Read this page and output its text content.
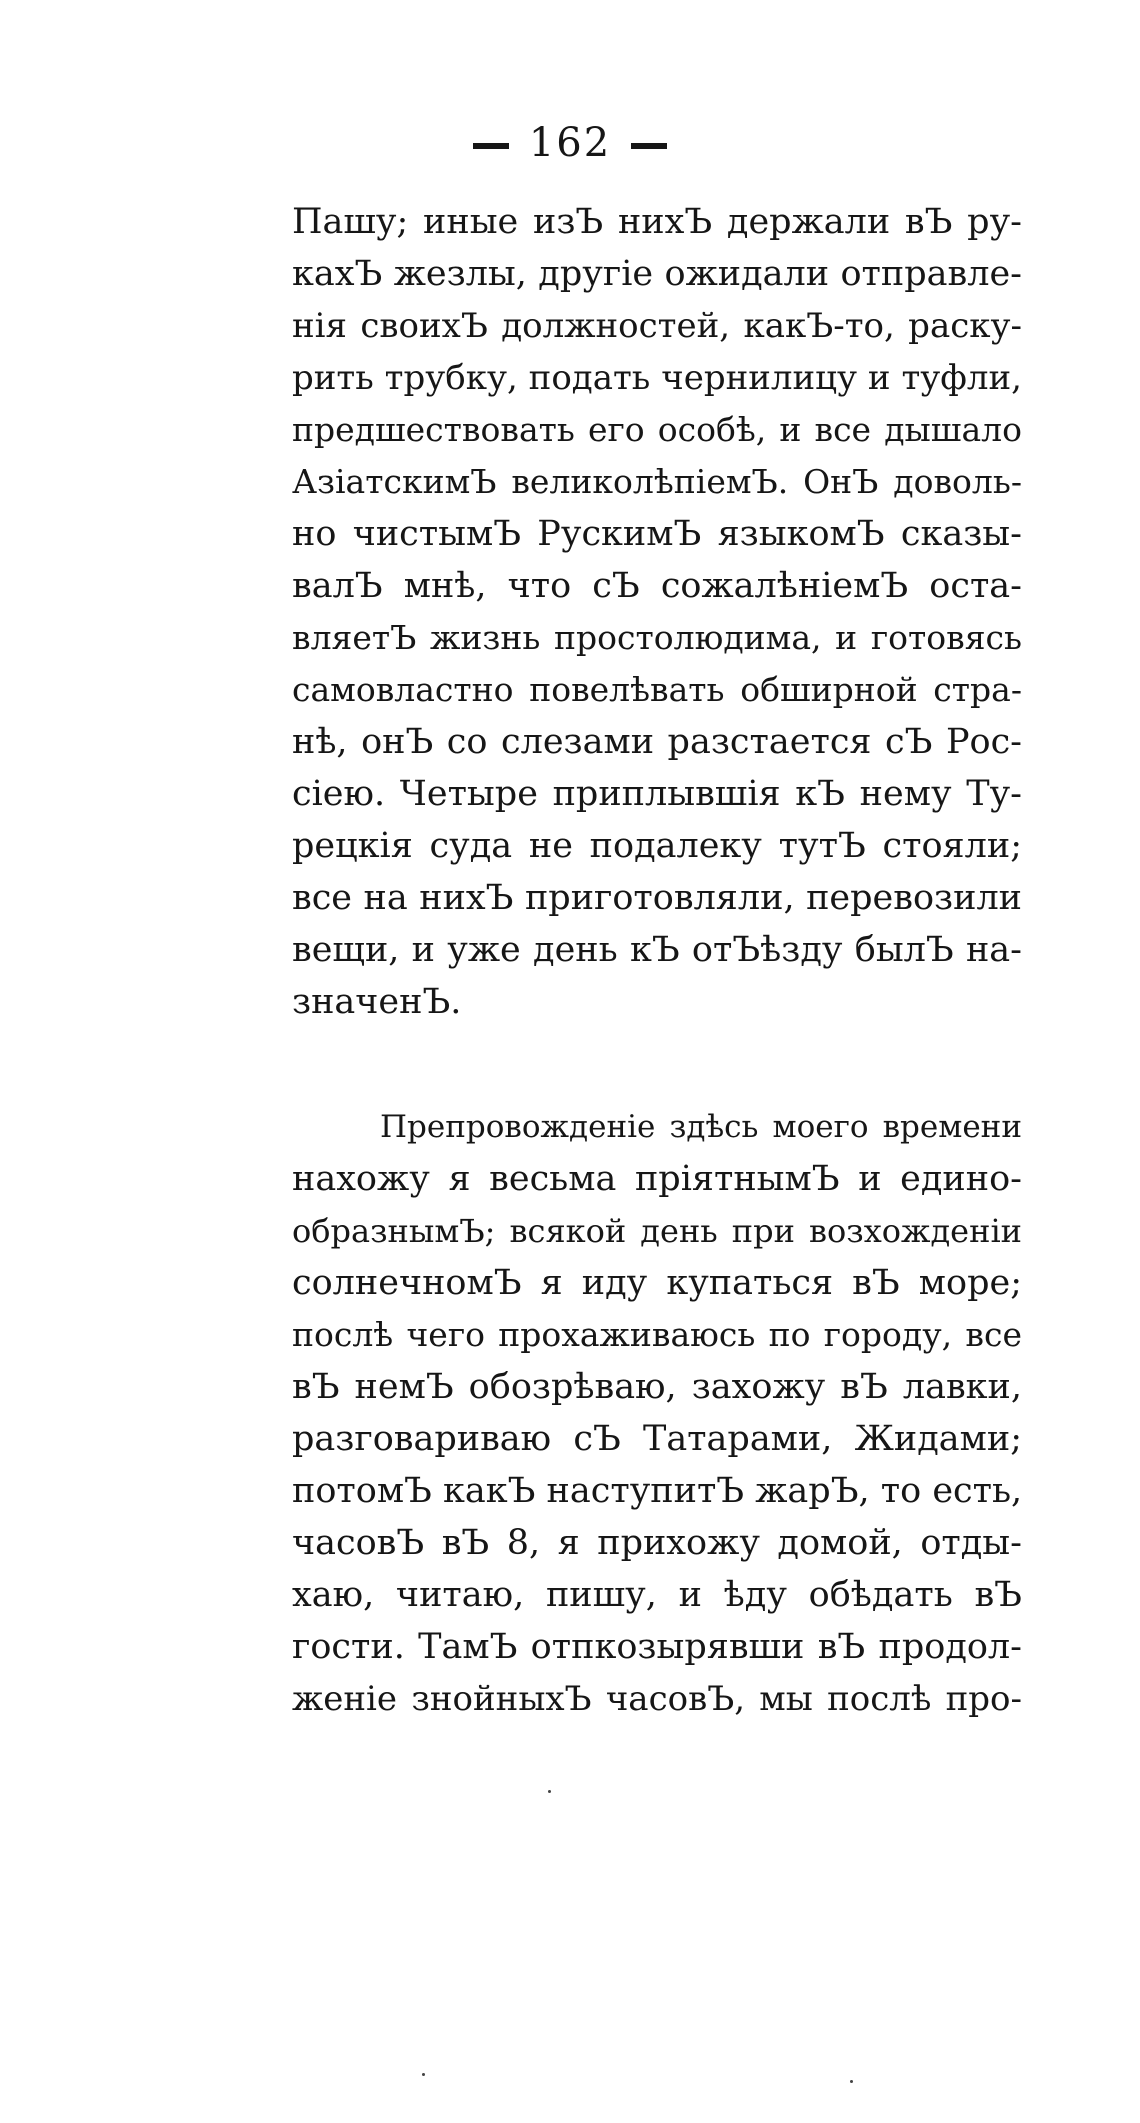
162
Пашу; иные изЪ нихЪ держали вЪ ру-
кахЪ жезлы, другiе ожидали отправле-
нiя своихЪ должностей, какЪ-то, раску-
рить трубку, подать чернилицу и туфли,
предшествовать его особѣ, и все дышало
АзiатскимЪ великолѣпiемЪ. ОнЪ доволь-
но чистымЪ РускимЪ языкомЪ сказы-
валЪ мнѣ, что сЪ сожалѣнiемЪ оста-
вляетЪ жизнь простолюдима, и готовясь
самовластно повелѣвать обширной стра-
нѣ, онЪ со слезами разстается сЪ Рос-
сiею. Четыре приплывшiя кЪ нему Ту-
рецкiя суда не подалеку тутЪ стояли;
все на нихЪ приготовляли, перевозили
вещи, и уже день кЪ отЪѣзду былЪ на-
значенЪ.
Препровожденiе здѣсь моего времени
нахожу я весьма прiятнымЪ и едино-
образнымЪ; всякой день при возхожденiи
солнечномЪ я иду купаться вЪ море;
послѣ чего прохаживаюсь по городу, все
вЪ немЪ обозрѣваю, захожу вЪ лавки,
разговариваю сЪ Татарами, Жидами;
потомЪ какЪ наступитЪ жарЪ, то есть,
часовЪ вЪ 8, я прихожу домой, отды-
хаю, читаю, пишу, и ѣду обѣдать вЪ
гости. ТамЪ отпкозырявши вЪ продол-
женiе знойныхЪ часовЪ, мы послѣ про-
